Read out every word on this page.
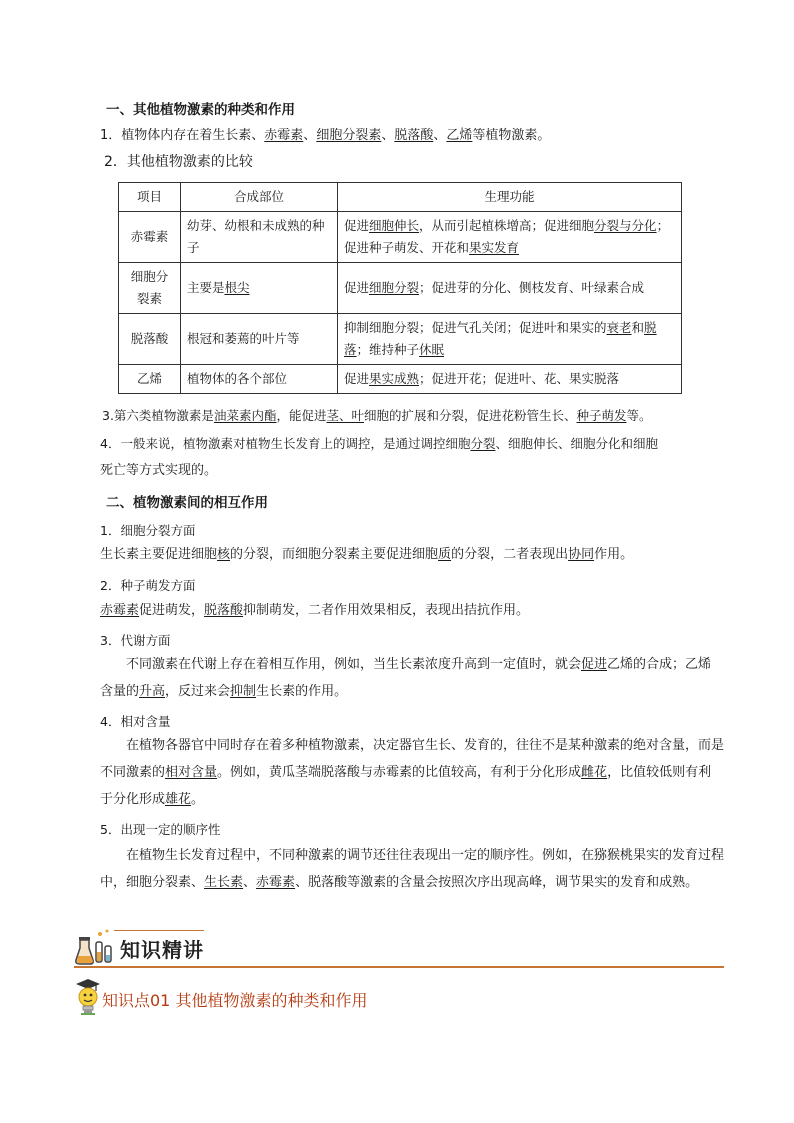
一、其他植物激素的种类和作用
1．植物体内存在着生长素、赤霉素、细胞分裂素、脱落酸、乙烯等植物激素。
2．其他植物激素的比较
项目	合成部位	生理功能
赤霉素	幼芽、幼根和未成熟的种子	促进细胞伸长，从而引起植株增高；促进细胞分裂与分化；促进种子萌发、开花和果实发育
细胞分裂素	主要是根尖	促进细胞分裂；促进芽的分化、侧枝发育、叶绿素合成
脱落酸	根冠和萎蔫的叶片等	抑制细胞分裂；促进气孔关闭；促进叶和果实的衰老和脱落；维持种子休眠
乙烯	植物体的各个部位	促进果实成熟；促进开花；促进叶、花、果实脱落
3.第六类植物激素是油菜素内酯，能促进茎、叶细胞的扩展和分裂，促进花粉管生长、种子萌发等。
4．一般来说，植物激素对植物生长发育上的调控，是通过调控细胞分裂、细胞伸长、细胞分化和细胞
死亡等方式实现的。
二、植物激素间的相互作用
1．细胞分裂方面
生长素主要促进细胞核的分裂，而细胞分裂素主要促进细胞质的分裂，二者表现出协同作用。
2．种子萌发方面
赤霉素促进萌发，脱落酸抑制萌发，二者作用效果相反，表现出拮抗作用。
3．代谢方面
不同激素在代谢上存在着相互作用，例如，当生长素浓度升高到一定值时，就会促进乙烯的合成；乙烯含量的升高，反过来会抑制生长素的作用。
4．相对含量
在植物各器官中同时存在着多种植物激素，决定器官生长、发育的，往往不是某种激素的绝对含量，而是不同激素的相对含量。例如，黄瓜茎端脱落酸与赤霉素的比值较高，有利于分化形成雌花，比值较低则有利于分化形成雄花。
5．出现一定的顺序性
在植物生长发育过程中，不同种激素的调节还往往表现出一定的顺序性。例如，在猕猴桃果实的发育过程中，细胞分裂素、生长素、赤霉素、脱落酸等激素的含量会按照次序出现高峰，调节果实的发育和成熟。
知识精讲
知识点01 其他植物激素的种类和作用
